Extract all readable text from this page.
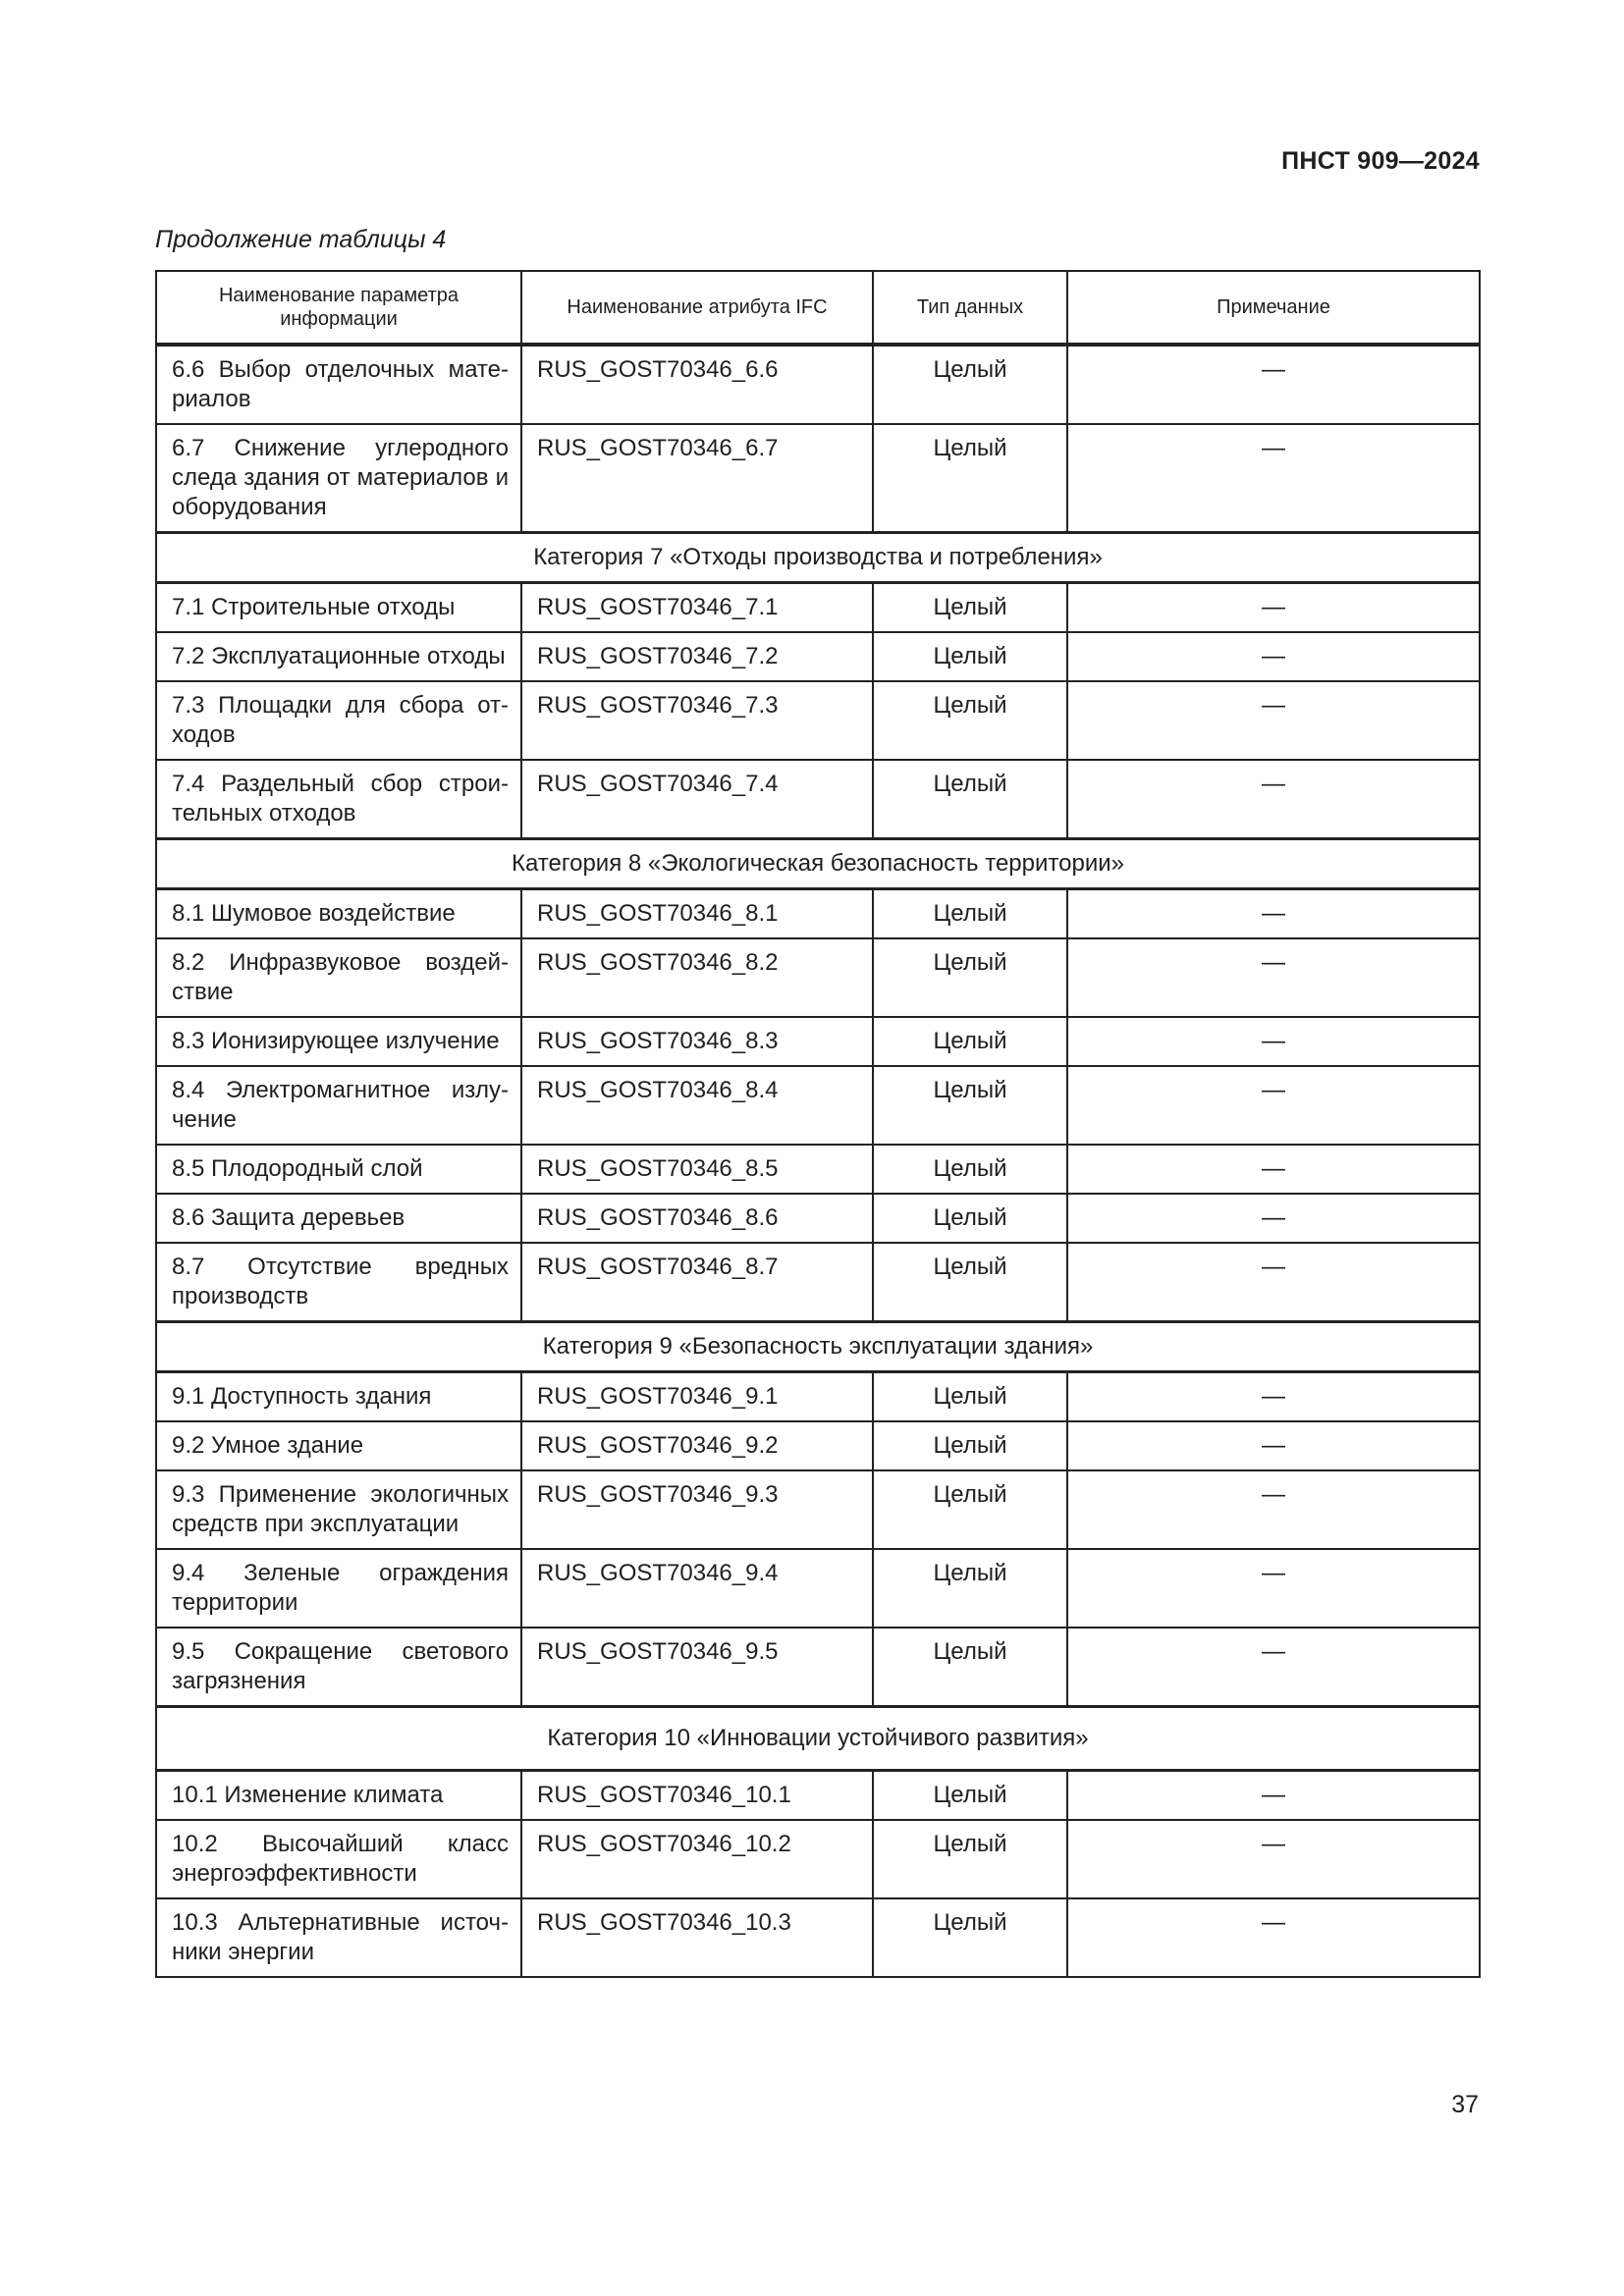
ПНСТ 909—2024
Продолжение таблицы 4
Наименование параметра информации	Наименование атрибута IFC	Тип данных	Примечание
6.6 Выбор отделочных материалов	RUS_GOST70346_6.6	Целый	—
6.7 Снижение углеродного следа здания от материалов и оборудования	RUS_GOST70346_6.7	Целый	—
Категория 7 «Отходы производства и потребления»			
7.1 Строительные отходы	RUS_GOST70346_7.1	Целый	—
7.2 Эксплуатационные отходы	RUS_GOST70346_7.2	Целый	—
7.3 Площадки для сбора отходов	RUS_GOST70346_7.3	Целый	—
7.4 Раздельный сбор строительных отходов	RUS_GOST70346_7.4	Целый	—
Категория 8 «Экологическая безопасность территории»			
8.1 Шумовое воздействие	RUS_GOST70346_8.1	Целый	—
8.2 Инфразвуковое воздействие	RUS_GOST70346_8.2	Целый	—
8.3 Ионизирующее излучение	RUS_GOST70346_8.3	Целый	—
8.4 Электромагнитное излучение	RUS_GOST70346_8.4	Целый	—
8.5 Плодородный слой	RUS_GOST70346_8.5	Целый	—
8.6 Защита деревьев	RUS_GOST70346_8.6	Целый	—
8.7 Отсутствие вредных производств	RUS_GOST70346_8.7	Целый	—
Категория 9 «Безопасность эксплуатации здания»			
9.1 Доступность здания	RUS_GOST70346_9.1	Целый	—
9.2 Умное здание	RUS_GOST70346_9.2	Целый	—
9.3 Применение экологичных средств при эксплуатации	RUS_GOST70346_9.3	Целый	—
9.4 Зеленые ограждения территории	RUS_GOST70346_9.4	Целый	—
9.5 Сокращение светового загрязнения	RUS_GOST70346_9.5	Целый	—
Категория 10 «Инновации устойчивого развития»			
10.1 Изменение климата	RUS_GOST70346_10.1	Целый	—
10.2 Высочайший класс энергоэффективности	RUS_GOST70346_10.2	Целый	—
10.3 Альтернативные источники энергии	RUS_GOST70346_10.3	Целый	—
37
